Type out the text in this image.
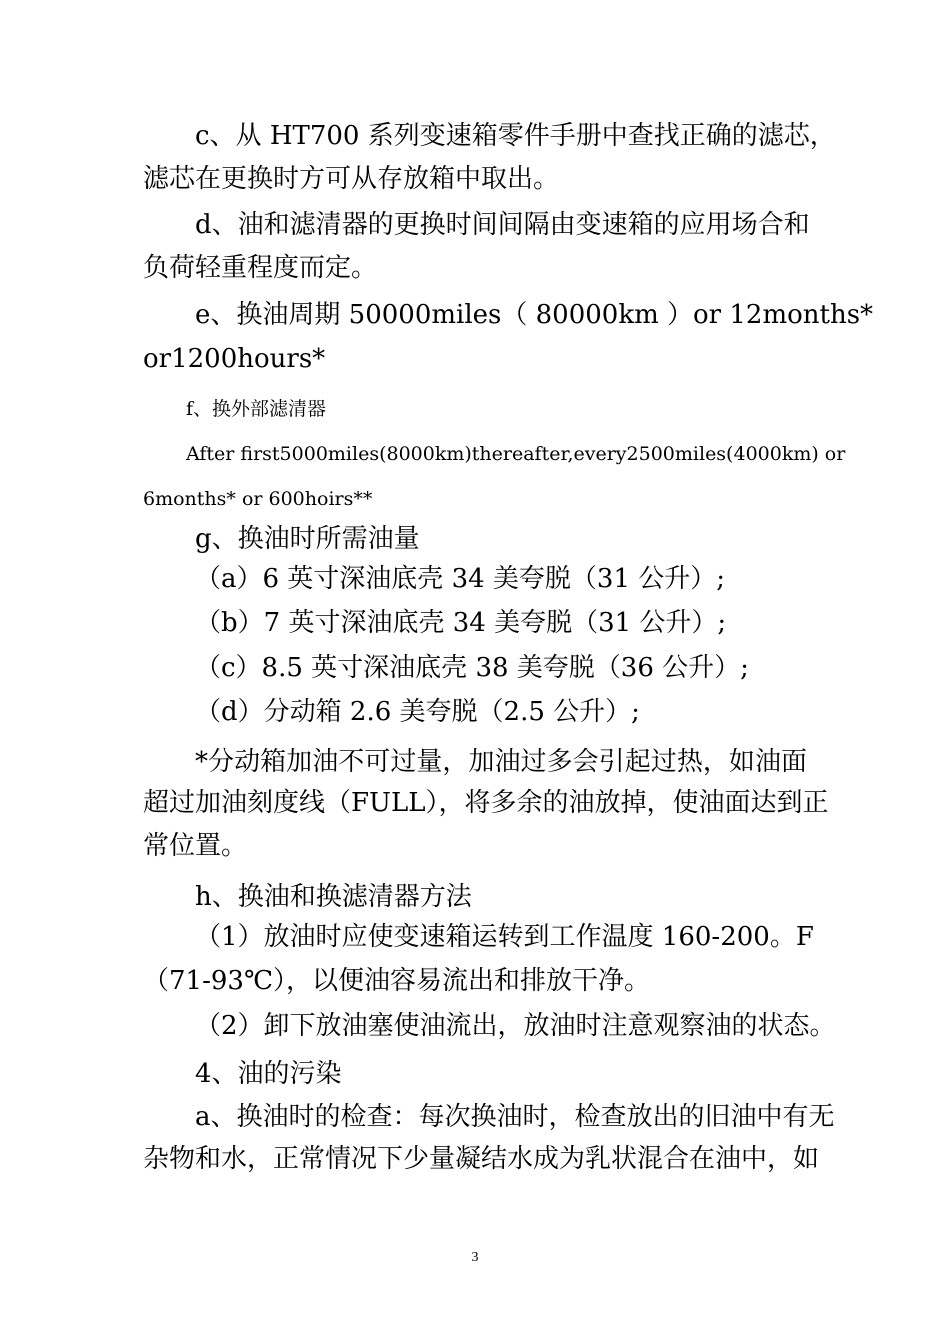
c、从 HT700 系列变速箱零件手册中查找正确的滤芯，

滤芯在更换时方可从存放箱中取出。

d、油和滤清器的更换时间间隔由变速箱的应用场合和

负荷轻重程度而定。

e、换油周期 50000miles（ 80000km ）or 12months*

or1200hours*

f、换外部滤清器

After first5000miles(8000km)thereafter,every2500miles(4000km) or

6months* or 600hoirs**

g、换油时所需油量

（a）6 英寸深油底壳 34 美夸脱（31 公升）;

（b）7 英寸深油底壳 34 美夸脱（31 公升）;

（c）8.5 英寸深油底壳 38 美夸脱（36 公升）;

（d）分动箱 2.6 美夸脱（2.5 公升）;

*分动箱加油不可过量，加油过多会引起过热，如油面

超过加油刻度线（FULL），将多余的油放掉，使油面达到正

常位置。

h、换油和换滤清器方法

（1）放油时应使变速箱运转到工作温度 160-200。F

（71-93℃），以便油容易流出和排放干净。

（2）卸下放油塞使油流出，放油时注意观察油的状态。

4、油的污染

a、换油时的检查：每次换油时，检查放出的旧油中有无

杂物和水，正常情况下少量凝结水成为乳状混合在油中，如

3
